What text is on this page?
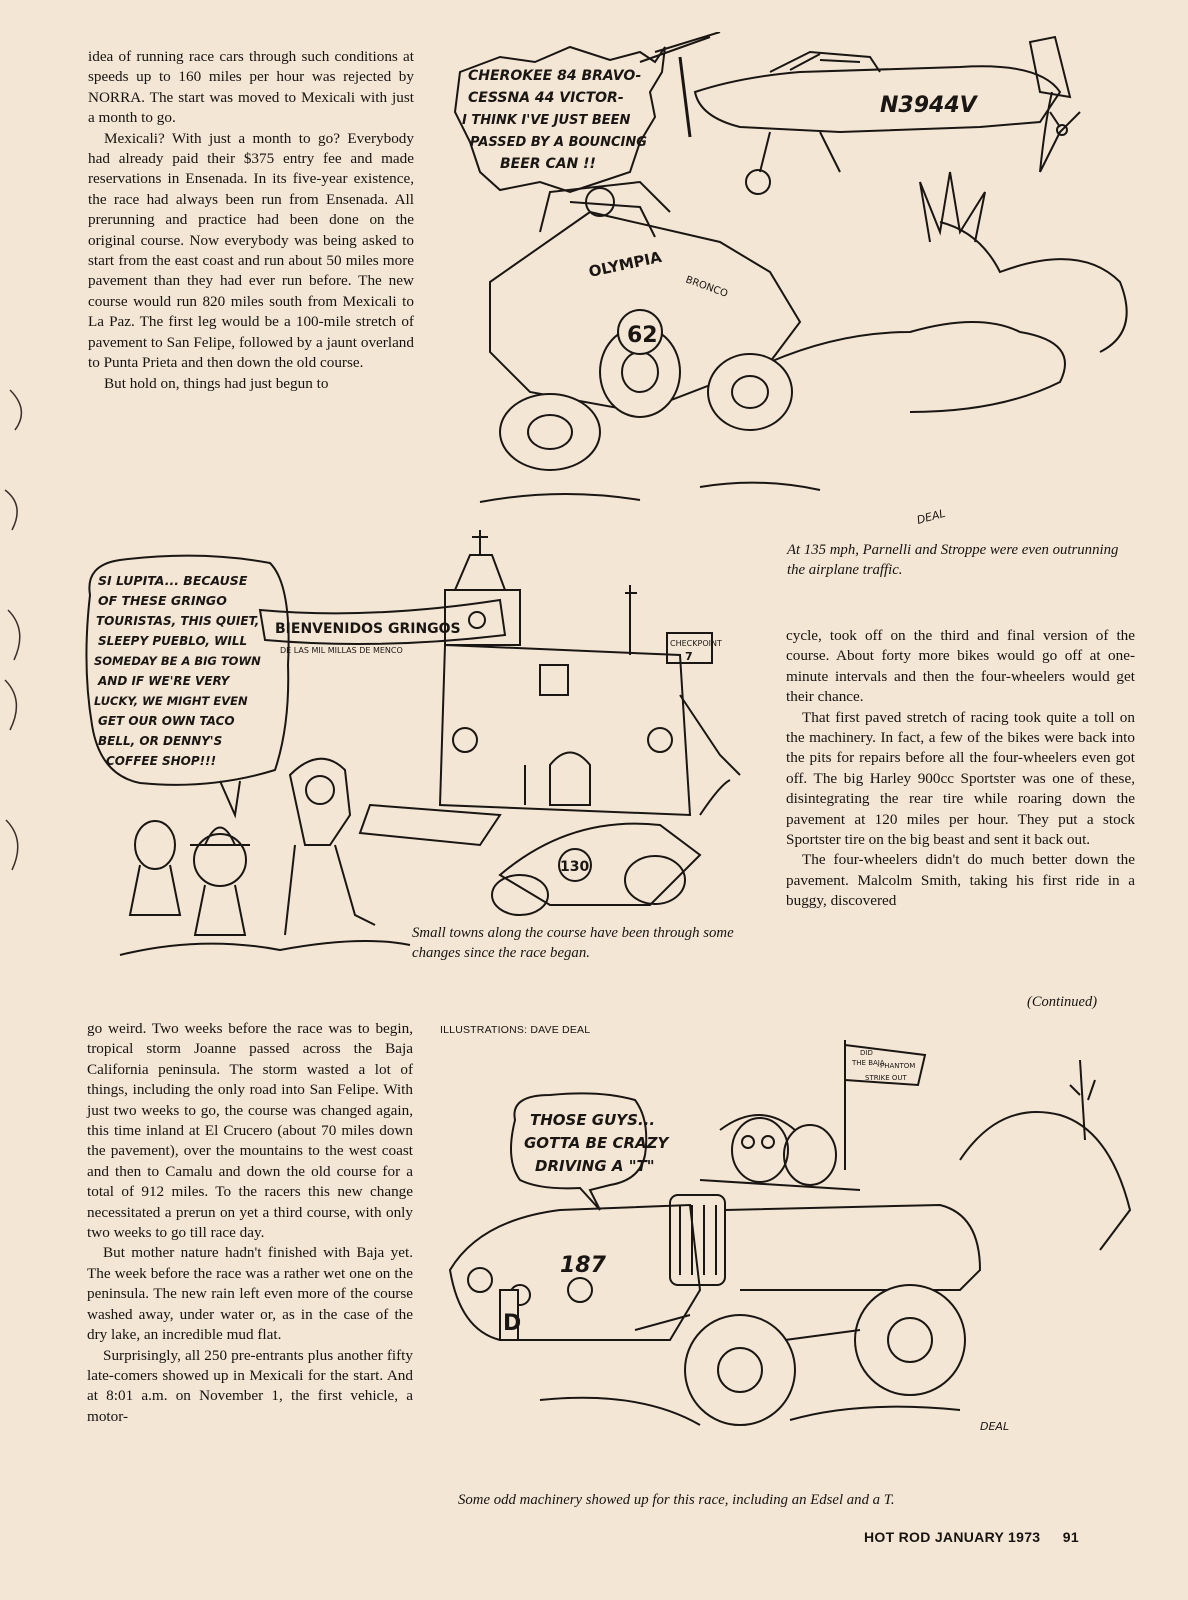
idea of running race cars through such conditions at speeds up to 160 miles per hour was rejected by NORRA. The start was moved to Mexicali with just a month to go.

Mexicali? With just a month to go? Everybody had already paid their $375 entry fee and made reservations in Ensenada. In its five-year existence, the race had always been run from Ensenada. All prerunning and practice had been done on the original course. Now everybody was being asked to start from the east coast and run about 50 miles more pavement than they had ever run before. The new course would run 820 miles south from Mexicali to La Paz. The first leg would be a 100-mile stretch of pavement to San Felipe, followed by a jaunt overland to Punta Prieta and then down the old course.

But hold on, things had just begun to

CHEROKEE 84 BRAVO-
CESSNA 44 VICTOR-
I THINK I'VE JUST BEEN
PASSED BY A BOUNCING
BEER CAN !!
N3944V
62
OLYMPIA
BRONCO
DEAL
At 135 mph, Parnelli and Stroppe were even outrunning the airplane traffic.
SI LUPITA... BECAUSE
OF THESE GRINGO
TOURISTAS, THIS QUIET,
SLEEPY PUEBLO, WILL
SOMEDAY BE A BIG TOWN
AND IF WE'RE VERY
LUCKY, WE MIGHT EVEN
GET OUR OWN TACO
BELL, OR DENNY'S
COFFEE SHOP!!!
BIENVENIDOS GRINGOS
DE LAS MIL MILLAS DE MENCO
CHECKPOINT
7
130
Small towns along the course have been through some changes since the race began.

cycle, took off on the third and final version of the course. About forty more bikes would go off at one-minute intervals and then the four-wheelers would get their chance.

That first paved stretch of racing took quite a toll on the machinery. In fact, a few of the bikes were back into the pits for repairs before all the four-wheelers even got off. The big Harley 900cc Sportster was one of these, disintegrating the rear tire while roaring down the pavement at 120 miles per hour. They put a stock Sportster tire on the big beast and sent it back out.

The four-wheelers didn't do much better down the pavement. Malcolm Smith, taking his first ride in a buggy, discovered

(Continued)

go weird. Two weeks before the race was to begin, tropical storm Joanne passed across the Baja California peninsula. The storm wasted a lot of things, including the only road into San Felipe. With just two weeks to go, the course was changed again, this time inland at El Crucero (about 70 miles down the pavement), over the mountains to the west coast and then to Camalu and down the old course for a total of 912 miles. To the racers this new change necessitated a prerun on yet a third course, with only two weeks to go till race day.

But mother nature hadn't finished with Baja yet. The week before the race was a rather wet one on the peninsula. The new rain left even more of the course washed away, under water or, as in the case of the dry lake, an incredible mud flat.

Surprisingly, all 250 pre-entrants plus another fifty late-comers showed up in Mexicali for the start. And at 8:01 a.m. on November 1, the first vehicle, a motor-

ILLUSTRATIONS: DAVE DEAL
THOSE GUYS...
GOTTA BE CRAZY
DRIVING A "T"
DID
THE BAJA
PHANTOM
STRIKE OUT
D
187
DEAL
Some odd machinery showed up for this race, including an Edsel and a T.
HOT ROD JANUARY 1973 91
